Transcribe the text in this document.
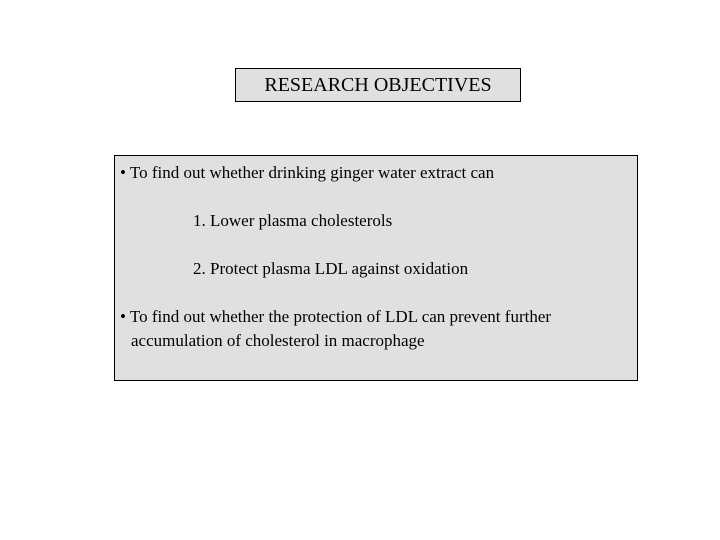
RESEARCH OBJECTIVES
• To find out whether drinking ginger water extract can
1. Lower plasma cholesterols
2. Protect plasma LDL against oxidation
• To find out whether the protection of LDL can prevent further
accumulation of cholesterol in macrophage
